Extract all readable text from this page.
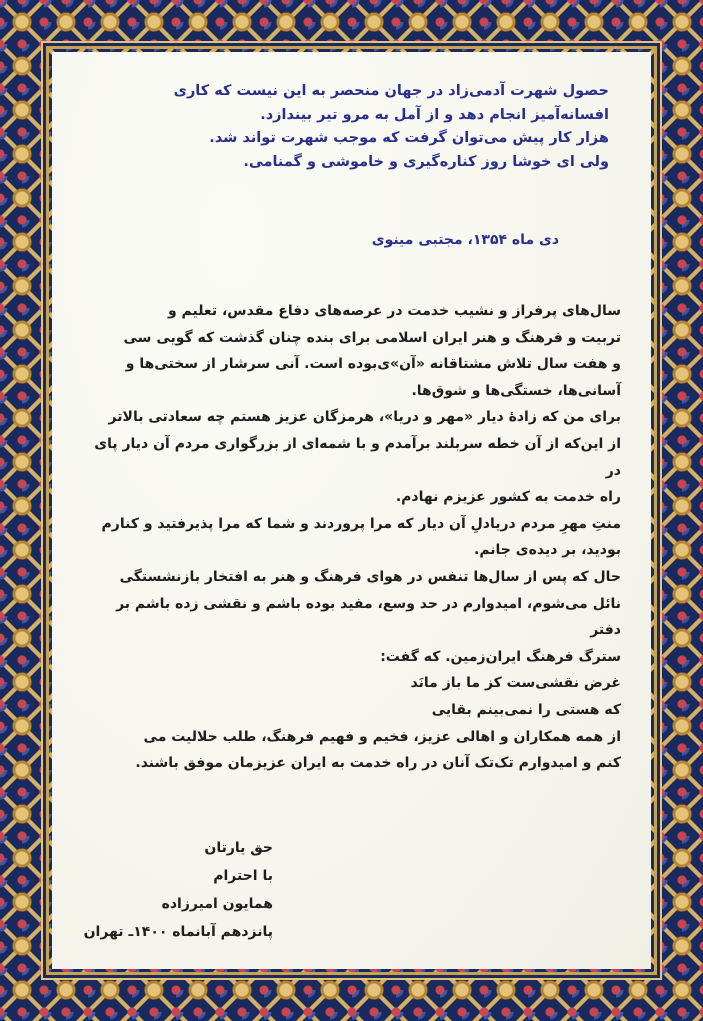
حصول شهرت آدمی‌زاد در جهان منحصر به این نیست که کاری

افسانه‌آمیز انجام دهد و از آمل به مرو تیر بیندازد.

هزار کار پیش می‌توان گرفت که موجب شهرت تواند شد.

ولی ای خوشا روز کناره‌گیری و خاموشی و گمنامی.

دی ماه ۱۳۵۴، مجتبی مینوی

سال‌های پرفراز و نشیب خدمت در عرصه‌های دفاع مقدس، تعلیم و

تربیت و فرهنگ و هنر ایران اسلامی برای بنده چنان گذشت که گویی سی

و هفت سال تلاش مشتاقانه «آن»ی‌بوده است. آنی سرشار از سختی‌ها و

آسانی‌ها، خستگی‌ها و شوق‌ها.

برای من که زادهٔ دیار «مهر و دریا»، هرمزگان عزیز هستم چه سعادتی بالاتر

از این‌که از آن خطه سربلند برآمدم و با شمه‌ای از بزرگواری مردم آن دیار پای در

راه خدمت به کشور عزیزم نهادم.

منتِ مهرِ مردم دریادلِ آن دیار که مرا پروردند و شما که مرا پذیرفتید و کنارم

بودید، بر دیده‌ی جانم.

حال که پس از سال‌ها تنفس در هوای فرهنگ و هنر به افتخار بازنشستگی

نائل می‌شوم، امیدوارم در حد وسع، مفید بوده باشم و نقشی زده باشم بر دفتر

سترگ فرهنگ ایران‌زمین. که گفت:

غرض نقشی‌ست کز ما باز مانَد

که هستی را نمی‌بینم بقایی

از همه همکاران و اهالی عزیز، فخیم و فهیم فرهنگ، طلب حلالیت می

کنم و امیدوارم تک‌تک آنان در راه خدمت به ایران عزیزمان موفق باشند.

حق یارتان

با احترام

همایون امیرزاده

پانزدهم آبانماه ۱۴۰۰ـ تهران
